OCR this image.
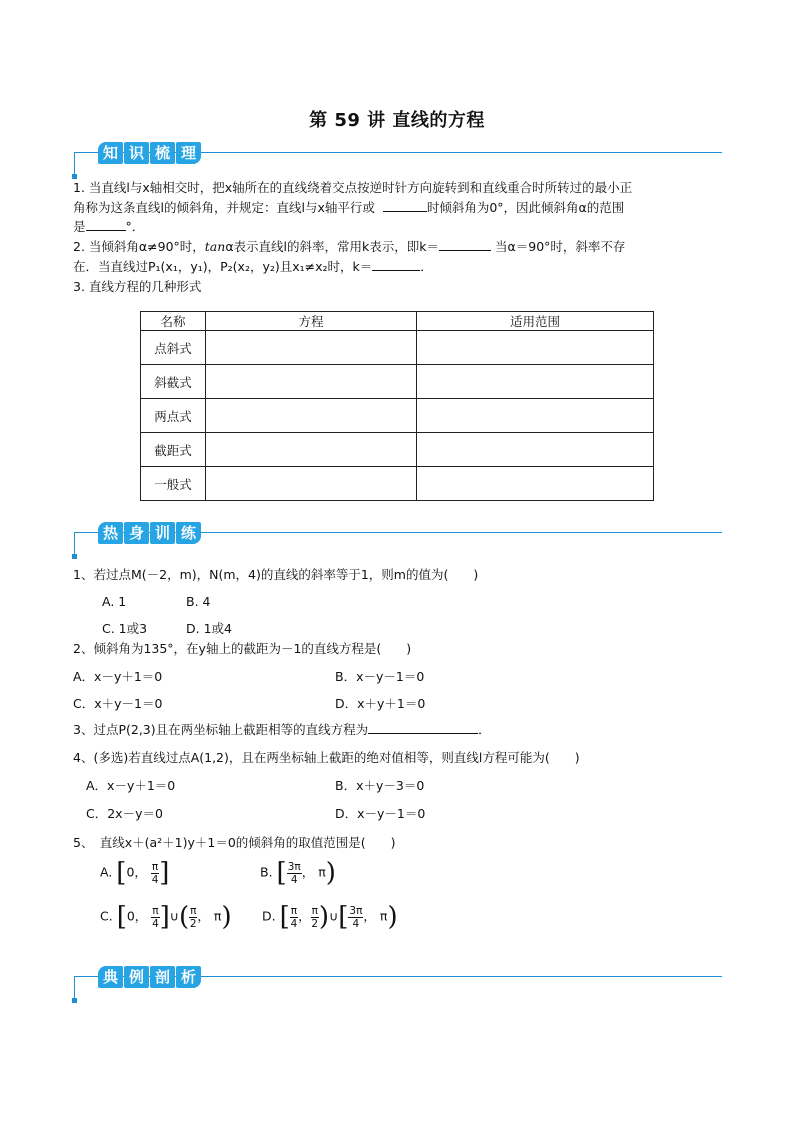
第 59 讲 直线的方程
知 识 梳 理
1. 当直线l与x轴相交时，把x轴所在的直线绕着交点按逆时针方向旋转到和直线重合时所转过的最小正
角称为这条直线l的倾斜角，并规定：直线l与x轴平行或	时倾斜角为0°，因此倾斜角α的范围
是	°．
2. 当倾斜角α≠90°时，tanα表示直线l的斜率，常用k表示，即k＝	当α＝90°时，斜率不存
在．当直线过P₁(x₁，y₁)，P₂(x₂，y₂)且x₁≠x₂时，k＝	．
3. 直线方程的几种形式
名称	方程	适用范围
点斜式		
斜截式		
两点式		
截距式		
一般式		
热 身 训 练
1、若过点M(－2，m)，N(m，4)的直线的斜率等于1，则m的值为(　　)
A. 1	B. 4
C. 1或3	D. 1或4
2、倾斜角为135°，在y轴上的截距为－1的直线方程是(　　)
A．x－y＋1＝0	B．x－y－1＝0
C．x＋y－1＝0	D．x＋y＋1＝0
3、过点P(2,3)且在两坐标轴上截距相等的直线方程为	．
4、(多选)若直线过点A(1,2)，且在两坐标轴上截距的绝对值相等，则直线l方程可能为(　　)
A．x－y＋1＝0	B．x＋y－3＝0
C．2x－y＝0	D．x－y－1＝0
5、　直线x＋(a²＋1)y＋1＝0的倾斜角的取值范围是(　　)
A. [0， $\frac{\pi}{4}$ ]	B. [ $\frac{3\pi}{4}$ ， π)
C. [0， $\frac{\pi}{4}$ ]∪( $\frac{\pi}{2}$ ， π) D. [ $\frac{\pi}{4}$ ， $\frac{\pi}{2}$ )∪[ $\frac{3\pi}{4}$ ， π)
典 例 剖 析
